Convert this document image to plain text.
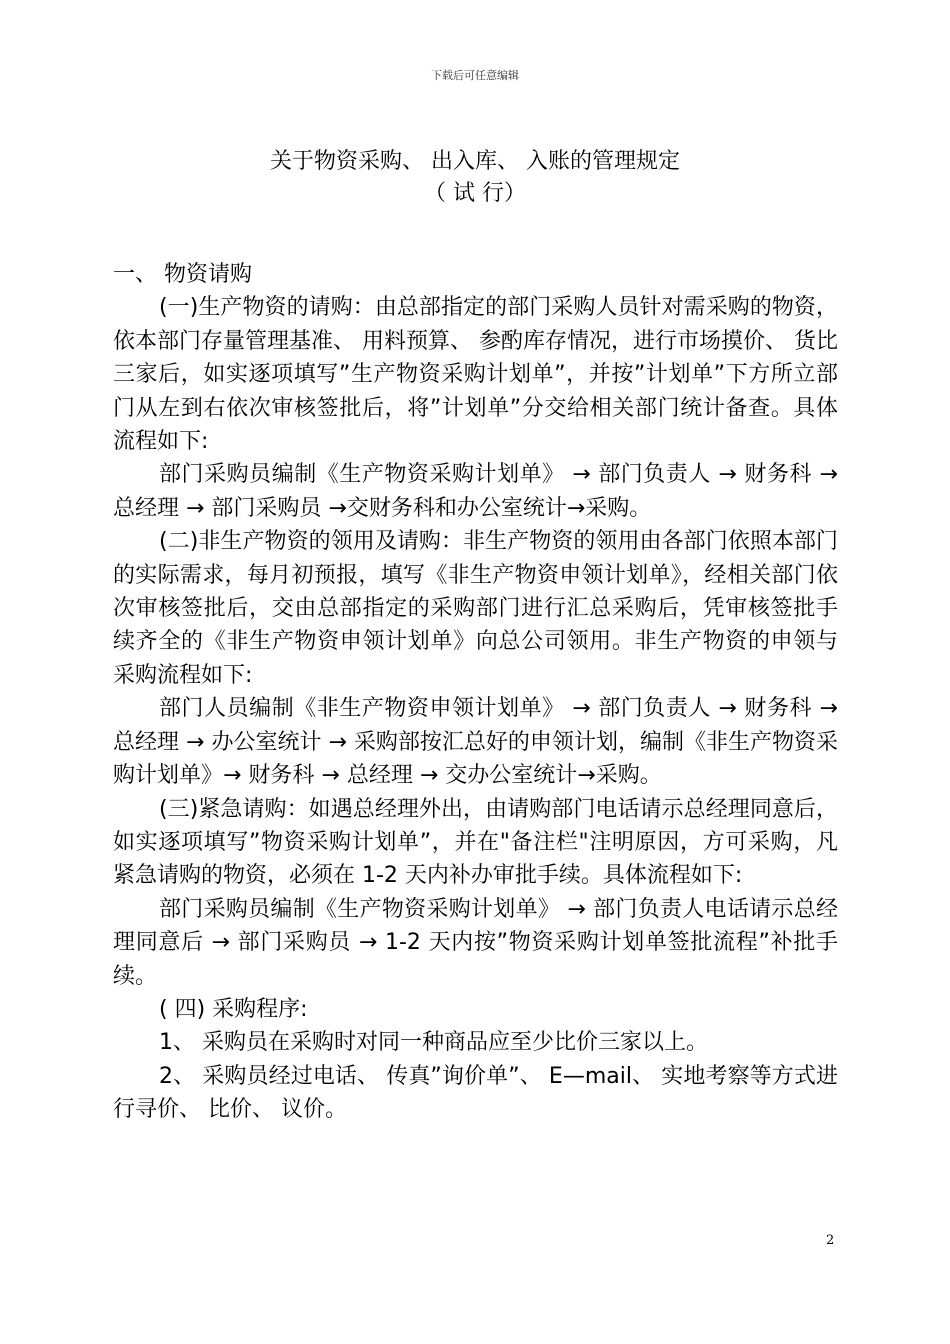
下载后可任意编辑
关于物资采购、 出入库、 入账的管理规定
（ 试 行）

一、 物资请购

(一)生产物资的请购：由总部指定的部门采购人员针对需采购的物资，依本部门存量管理基准、 用料预算、 参酌库存情况，进行市场摸价、 货比三家后，如实逐项填写”生产物资采购计划单”，并按”计划单”下方所立部门从左到右依次审核签批后，将”计划单”分交给相关部门统计备查。具体流程如下:

部门采购员编制《生产物资采购计划单》 → 部门负责人 → 财务科 → 总经理 → 部门采购员 →交财务科和办公室统计→采购。

(二)非生产物资的领用及请购：非生产物资的领用由各部门依照本部门的实际需求，每月初预报，填写《非生产物资申领计划单》，经相关部门依次审核签批后，交由总部指定的采购部门进行汇总采购后，凭审核签批手续齐全的《非生产物资申领计划单》向总公司领用。非生产物资的申领与采购流程如下:

部门人员编制《非生产物资申领计划单》 → 部门负责人 → 财务科 → 总经理 → 办公室统计 → 采购部按汇总好的申领计划，编制《非生产物资采购计划单》→ 财务科 → 总经理 → 交办公室统计→采购。

(三)紧急请购：如遇总经理外出，由请购部门电话请示总经理同意后，如实逐项填写”物资采购计划单”，并在"备注栏"注明原因，方可采购，凡紧急请购的物资，必须在 1-2 天内补办审批手续。具体流程如下:

部门采购员编制《生产物资采购计划单》 → 部门负责人电话请示总经理同意后 → 部门采购员 → 1-2 天内按”物资采购计划单签批流程”补批手续。

( 四) 采购程序:

1、 采购员在采购时对同一种商品应至少比价三家以上。

2、 采购员经过电话、 传真”询价单”、 E—mail、 实地考察等方式进行寻价、 比价、 议价。

2
